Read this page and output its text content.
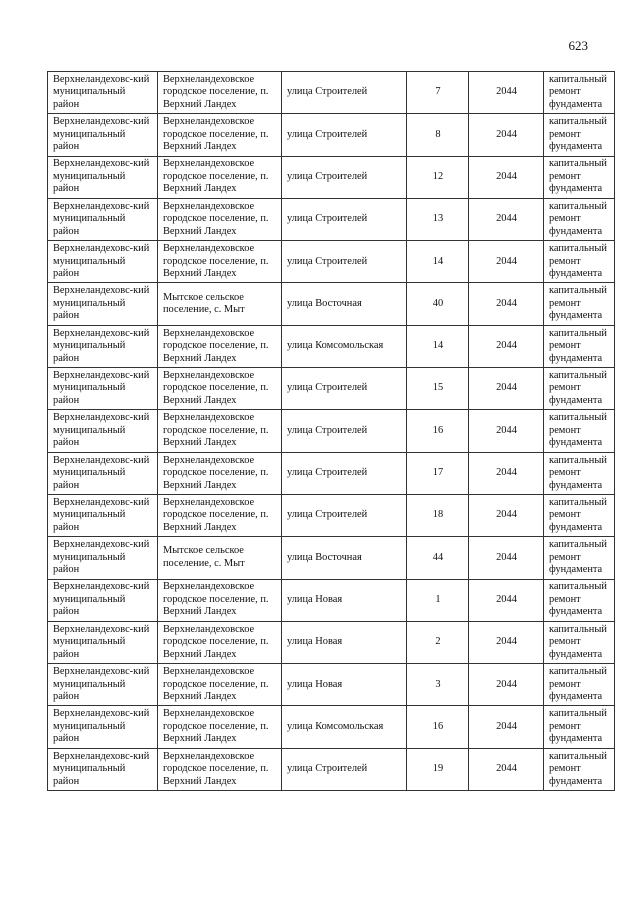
623
Верхнеландеховс-кий муниципальный район	Верхнеландеховское городское поселение, п. Верхний Ландех	улица Строителей	7	2044	капитальный ремонт фундамента

Верхнеландеховс-кий муниципальный район	Верхнеландеховское городское поселение, п. Верхний Ландех	улица Строителей	8	2044	капитальный ремонт фундамента

Верхнеландеховс-кий муниципальный район	Верхнеландеховское городское поселение, п. Верхний Ландех	улица Строителей	12	2044	капитальный ремонт фундамента

Верхнеландеховс-кий муниципальный район	Верхнеландеховское городское поселение, п. Верхний Ландех	улица Строителей	13	2044	капитальный ремонт фундамента

Верхнеландеховс-кий муниципальный район	Верхнеландеховское городское поселение, п. Верхний Ландех	улица Строителей	14	2044	капитальный ремонт фундамента

Верхнеландеховс-кий муниципальный район	Мытское сельское поселение, с. Мыт	улица Восточная	40	2044	капитальный ремонт фундамента

Верхнеландеховс-кий муниципальный район	Верхнеландеховское городское поселение, п. Верхний Ландех	улица Комсомольская	14	2044	капитальный ремонт фундамента

Верхнеландеховс-кий муниципальный район	Верхнеландеховское городское поселение, п. Верхний Ландех	улица Строителей	15	2044	капитальный ремонт фундамента

Верхнеландеховс-кий муниципальный район	Верхнеландеховское городское поселение, п. Верхний Ландех	улица Строителей	16	2044	капитальный ремонт фундамента

Верхнеландеховс-кий муниципальный район	Верхнеландеховское городское поселение, п. Верхний Ландех	улица Строителей	17	2044	капитальный ремонт фундамента

Верхнеландеховс-кий муниципальный район	Верхнеландеховское городское поселение, п. Верхний Ландех	улица Строителей	18	2044	капитальный ремонт фундамента

Верхнеландеховс-кий муниципальный район	Мытское сельское поселение, с. Мыт	улица Восточная	44	2044	капитальный ремонт фундамента

Верхнеландеховс-кий муниципальный район	Верхнеландеховское городское поселение, п. Верхний Ландех	улица Новая	1	2044	капитальный ремонт фундамента

Верхнеландеховс-кий муниципальный район	Верхнеландеховское городское поселение, п. Верхний Ландех	улица Новая	2	2044	капитальный ремонт фундамента

Верхнеландеховс-кий муниципальный район	Верхнеландеховское городское поселение, п. Верхний Ландех	улица Новая	3	2044	капитальный ремонт фундамента

Верхнеландеховс-кий муниципальный район	Верхнеландеховское городское поселение, п. Верхний Ландех	улица Комсомольская	16	2044	капитальный ремонт фундамента

Верхнеландеховс-кий муниципальный район	Верхнеландеховское городское поселение, п. Верхний Ландех	улица Строителей	19	2044	капитальный ремонт фундамента
